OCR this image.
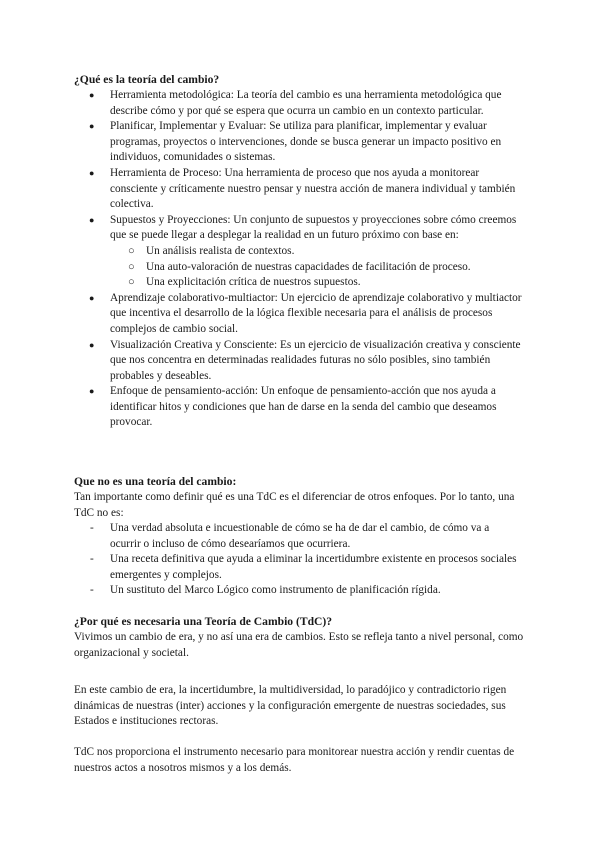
¿Qué es la teoría del cambio?
● Herramienta metodológica: La teoría del cambio es una herramienta metodológica que describe cómo y por qué se espera que ocurra un cambio en un contexto particular.
● Planificar, Implementar y Evaluar: Se utiliza para planificar, implementar y evaluar programas, proyectos o intervenciones, donde se busca generar un impacto positivo en individuos, comunidades o sistemas.
● Herramienta de Proceso: Una herramienta de proceso que nos ayuda a monitorear consciente y críticamente nuestro pensar y nuestra acción de manera individual y también colectiva.
● Supuestos y Proyecciones: Un conjunto de supuestos y proyecciones sobre cómo creemos que se puede llegar a desplegar la realidad en un futuro próximo con base en:
○ Un análisis realista de contextos.
○ Una auto-valoración de nuestras capacidades de facilitación de proceso.
○ Una explicitación crítica de nuestros supuestos.
● Aprendizaje colaborativo-multiactor: Un ejercicio de aprendizaje colaborativo y multiactor que incentiva el desarrollo de la lógica flexible necesaria para el análisis de procesos complejos de cambio social.
● Visualización Creativa y Consciente: Es un ejercicio de visualización creativa y consciente que nos concentra en determinadas realidades futuras no sólo posibles, sino también probables y deseables.
● Enfoque de pensamiento-acción: Un enfoque de pensamiento-acción que nos ayuda a identificar hitos y condiciones que han de darse en la senda del cambio que deseamos provocar.
Que no es una teoría del cambio:
Tan importante como definir qué es una TdC es el diferenciar de otros enfoques. Por lo tanto, una TdC no es:
- Una verdad absoluta e incuestionable de cómo se ha de dar el cambio, de cómo va a ocurrir o incluso de cómo desearíamos que ocurriera.
- Una receta definitiva que ayuda a eliminar la incertidumbre existente en procesos sociales emergentes y complejos.
- Un sustituto del Marco Lógico como instrumento de planificación rígida.
¿Por qué es necesaria una Teoría de Cambio (TdC)?
Vivimos un cambio de era, y no así una era de cambios. Esto se refleja tanto a nivel personal, como organizacional y societal.
En este cambio de era, la incertidumbre, la multidiversidad, lo paradójico y contradictorio rigen dinámicas de nuestras (inter) acciones y la configuración emergente de nuestras sociedades, sus Estados e instituciones rectoras.
TdC nos proporciona el instrumento necesario para monitorear nuestra acción y rendir cuentas de nuestros actos a nosotros mismos y a los demás.
